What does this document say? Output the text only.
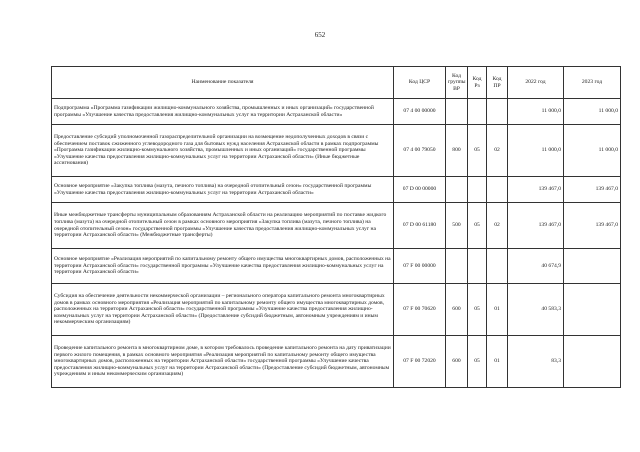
652
Наименование показателя	Код ЦСР	Код группы ВР	Код Рз	Код ПР	2022 год	2023 год
Подпрограмма «Программа газификации жилищно-коммунального хозяйства, промышленных и иных организаций» государственной программы «Улучшение качества предоставления жилищно-коммунальных услуг на территории Астраханской области»	07 4 00 00000				11 000,0	11 000,0
Предоставление субсидий уполномоченной газораспределительной организации на возмещение недополученных доходов в связи с обеспечением поставок сжиженного углеводородного газа для бытовых нужд населения Астраханской области в рамках подпрограммы «Программа газификации жилищно-коммунального хозяйства, промышленных и иных организаций» государственной программы «Улучшение качества предоставления жилищно-коммунальных услуг на территории Астраханской области» (Иные бюджетные ассигнования)	07 4 00 79050	800	05	02	11 000,0	11 000,0
Основное мероприятие «Закупка топлива (мазута, печного топлива) на очередной отопительный сезон» государственной программы «Улучшение качества предоставления жилищно-коммунальных услуг на территории Астраханской области»	07 D 00 00000				139 467,0	139 467,0
Иные межбюджетные трансферты муниципальным образованиям Астраханской области на реализацию мероприятий по поставке жидкого топлива (мазута) на очередной отопительный сезон в рамках основного мероприятия «Закупка топлива (мазута, печного топлива) на очередной отопительный сезон» государственной программы «Улучшение качества предоставления жилищно-коммунальных услуг на территории Астраханской области» (Межбюджетные трансферты)	07 D 00 61180	500	05	02	139 467,0	139 467,0
Основное мероприятие «Реализация мероприятий по капитальному ремонту общего имущества многоквартирных домов, расположенных на территории Астраханской области» государственной программы «Улучшение качества предоставления жилищно-коммунальных услуг на территории Астраханской области»	07 F 00 00000				40 674,9	
Субсидия на обеспечение деятельности некоммерческой организации – регионального оператора капитального ремонта многоквартирных домов в рамках основного мероприятия «Реализация мероприятий по капитальному ремонту общего имущества многоквартирных домов, расположенных на территории Астраханской области» государственной программы «Улучшение качества предоставления жилищно-коммунальных услуг на территории Астраханской области» (Предоставление субсидий бюджетным, автономным учреждениям и иным некоммерческим организациям)	07 F 00 70620	600	05	01	40 583,3	
Проведение капитального ремонта в многоквартирном доме, в котором требовалось проведение капитального ремонта на дату приватизации первого жилого помещения, в рамках основного мероприятия «Реализация мероприятий по капитальному ремонту общего имущества многоквартирных домов, расположенных на территории Астраханской области» государственной программы «Улучшение качества предоставления жилищно-коммунальных услуг на территории Астраханской области» (Предоставление субсидий бюджетным, автономным учреждениям и иным некоммерческим организациям)	07 F 00 72020	600	05	01	83,3	
